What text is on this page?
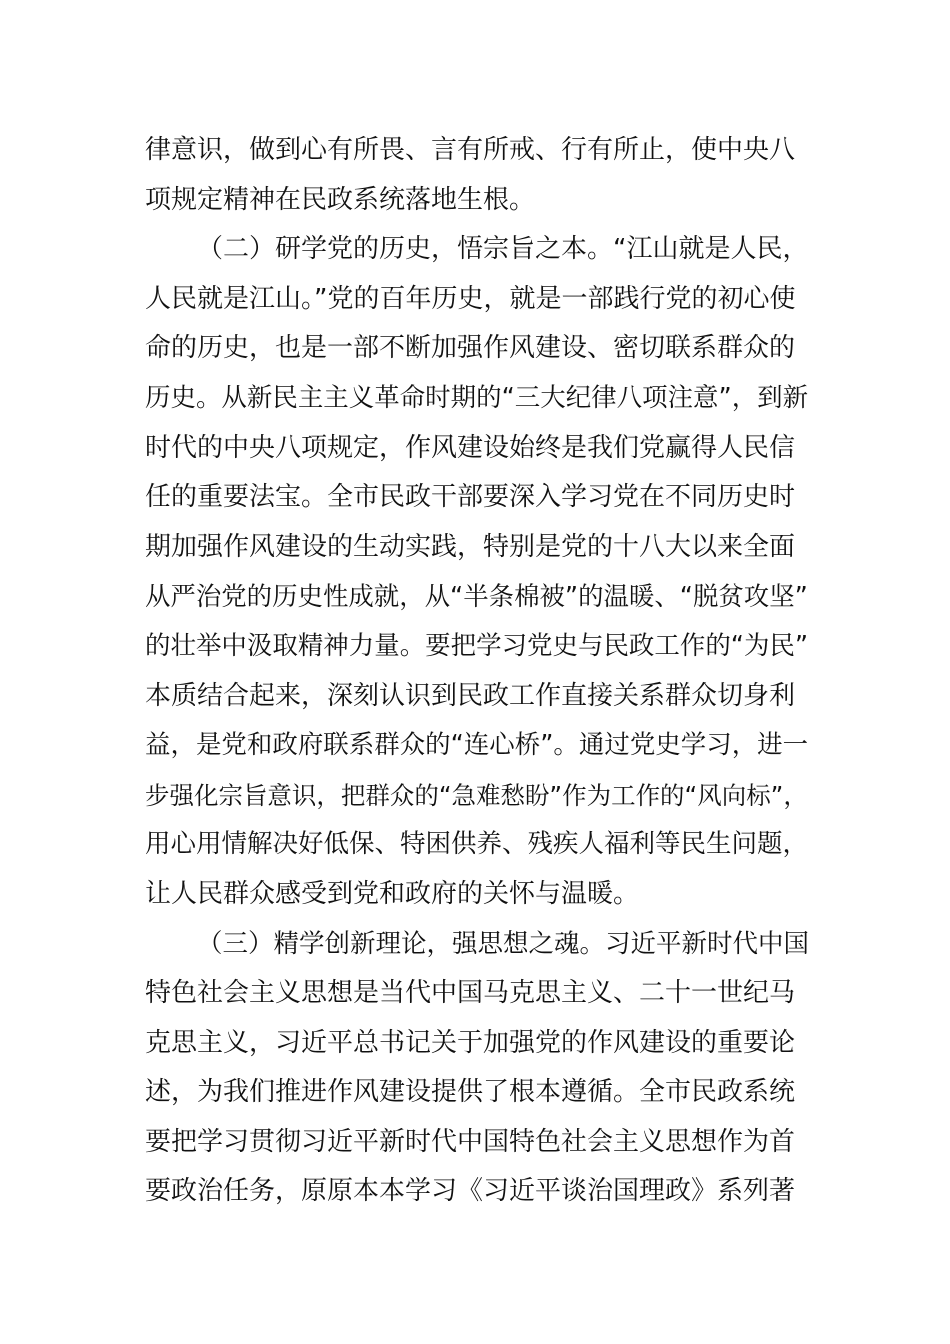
律意识，做到心有所畏、言有所戒、行有所止，使中央八
项规定精神在民政系统落地生根。
（二）研学党的历史，悟宗旨之本。“江山就是人民，
人民就是江山。”党的百年历史，就是一部践行党的初心使
命的历史，也是一部不断加强作风建设、密切联系群众的
历史。从新民主主义革命时期的“三大纪律八项注意”，到新
时代的中央八项规定，作风建设始终是我们党赢得人民信
任的重要法宝。全市民政干部要深入学习党在不同历史时
期加强作风建设的生动实践，特别是党的十八大以来全面
从严治党的历史性成就，从“半条棉被”的温暖、“脱贫攻坚”
的壮举中汲取精神力量。要把学习党史与民政工作的“为民”
本质结合起来，深刻认识到民政工作直接关系群众切身利
益，是党和政府联系群众的“连心桥”。通过党史学习，进一
步强化宗旨意识，把群众的“急难愁盼”作为工作的“风向标”，
用心用情解决好低保、特困供养、残疾人福利等民生问题，
让人民群众感受到党和政府的关怀与温暖。
（三）精学创新理论，强思想之魂。习近平新时代中国
特色社会主义思想是当代中国马克思主义、二十一世纪马
克思主义，习近平总书记关于加强党的作风建设的重要论
述，为我们推进作风建设提供了根本遵循。全市民政系统
要把学习贯彻习近平新时代中国特色社会主义思想作为首
要政治任务，原原本本学习《习近平谈治国理政》系列著
